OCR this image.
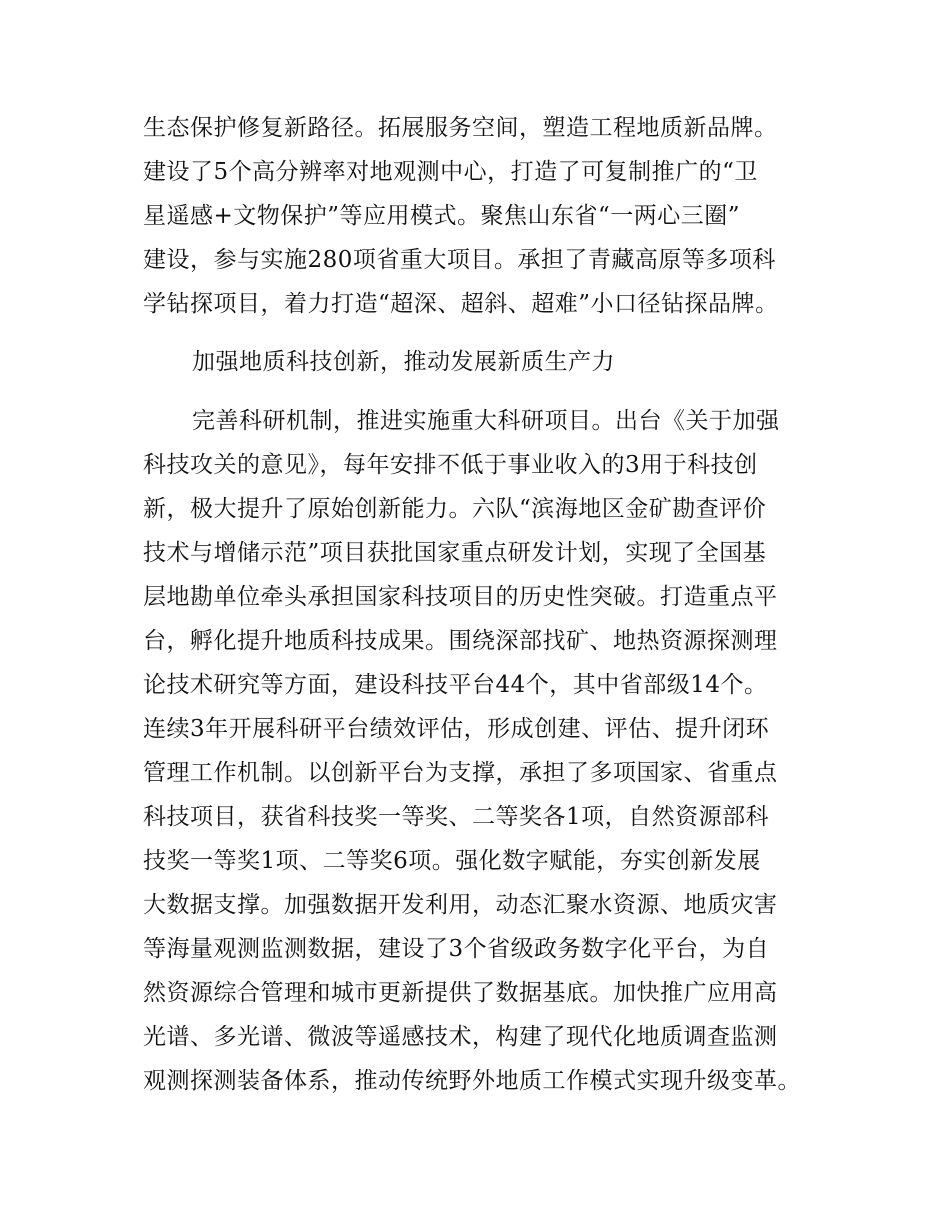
生态保护修复新路径。拓展服务空间，塑造工程地质新品牌。
建设了5个高分辨率对地观测中心，打造了可复制推广的“卫
星遥感+文物保护”等应用模式。聚焦山东省“一两心三圈”
建设，参与实施280项省重大项目。承担了青藏高原等多项科
学钻探项目，着力打造“超深、超斜、超难”小口径钻探品牌。
加强地质科技创新，推动发展新质生产力
完善科研机制，推进实施重大科研项目。出台《关于加强
科技攻关的意见》，每年安排不低于事业收入的3用于科技创
新，极大提升了原始创新能力。六队“滨海地区金矿勘查评价
技术与增储示范”项目获批国家重点研发计划，实现了全国基
层地勘单位牵头承担国家科技项目的历史性突破。打造重点平
台，孵化提升地质科技成果。围绕深部找矿、地热资源探测理
论技术研究等方面，建设科技平台44个，其中省部级14个。
连续3年开展科研平台绩效评估，形成创建、评估、提升闭环
管理工作机制。以创新平台为支撑，承担了多项国家、省重点
科技项目，获省科技奖一等奖、二等奖各1项，自然资源部科
技奖一等奖1项、二等奖6项。强化数字赋能，夯实创新发展
大数据支撑。加强数据开发利用，动态汇聚水资源、地质灾害
等海量观测监测数据，建设了3个省级政务数字化平台，为自
然资源综合管理和城市更新提供了数据基底。加快推广应用高
光谱、多光谱、微波等遥感技术，构建了现代化地质调查监测
观测探测装备体系，推动传统野外地质工作模式实现升级变革。
